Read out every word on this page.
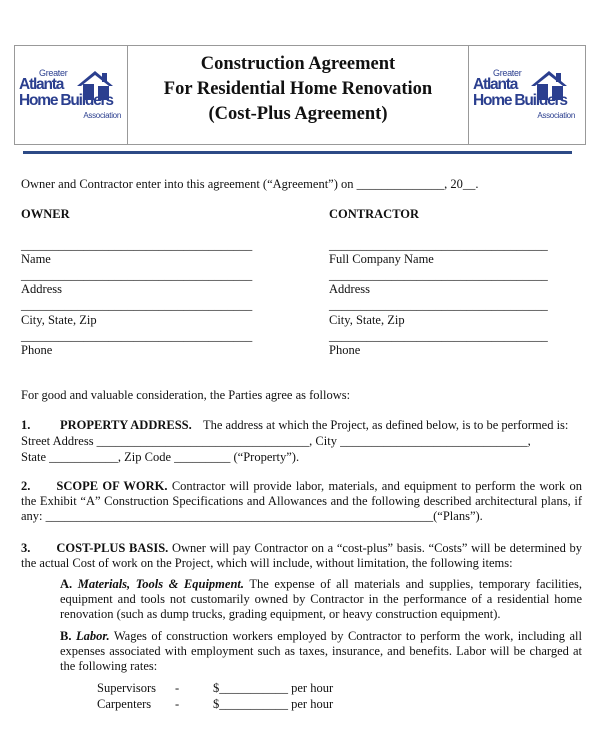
Greater
Atlanta
Home Builders
Association
Construction Agreement
For Residential Home Renovation
(Cost-Plus Agreement)
Greater
Atlanta
Home Builders
Association
Owner and Contractor enter into this agreement (“Agreement”) on ______________, 20__.
OWNER
_____________________________________
Name
_____________________________________
Address
_____________________________________
City, State, Zip
_____________________________________
Phone
CONTRACTOR
___________________________________
Full Company Name
___________________________________
Address
___________________________________
City, State, Zip
___________________________________
Phone
For good and valuable consideration, the Parties agree as follows:
1. PROPERTY ADDRESS. The address at which the Project, as defined below, is to be performed is:
Street Address __________________________________, City ______________________________,
State ___________, Zip Code _________ (“Property”).
2. SCOPE OF WORK. Contractor will provide labor, materials, and equipment to perform the work on the Exhibit “A” Construction Specifications and Allowances and the following described architectural plans, if any: ______________________________________________________________(“Plans”).
3. COST-PLUS BASIS. Owner will pay Contractor on a “cost-plus” basis. “Costs” will be determined by the actual Cost of work on the Project, which will include, without limitation, the following items:
A. Materials, Tools & Equipment. The expense of all materials and supplies, temporary facilities, equipment and tools not customarily owned by Contractor in the performance of a residential home renovation (such as dump trucks, grading equipment, or heavy construction equipment).
B. Labor. Wages of construction workers employed by Contractor to perform the work, including all expenses associated with employment such as taxes, insurance, and benefits. Labor will be charged at the following rates:
Supervisors -	$___________ per hour
Carpenters -	$___________ per hour
